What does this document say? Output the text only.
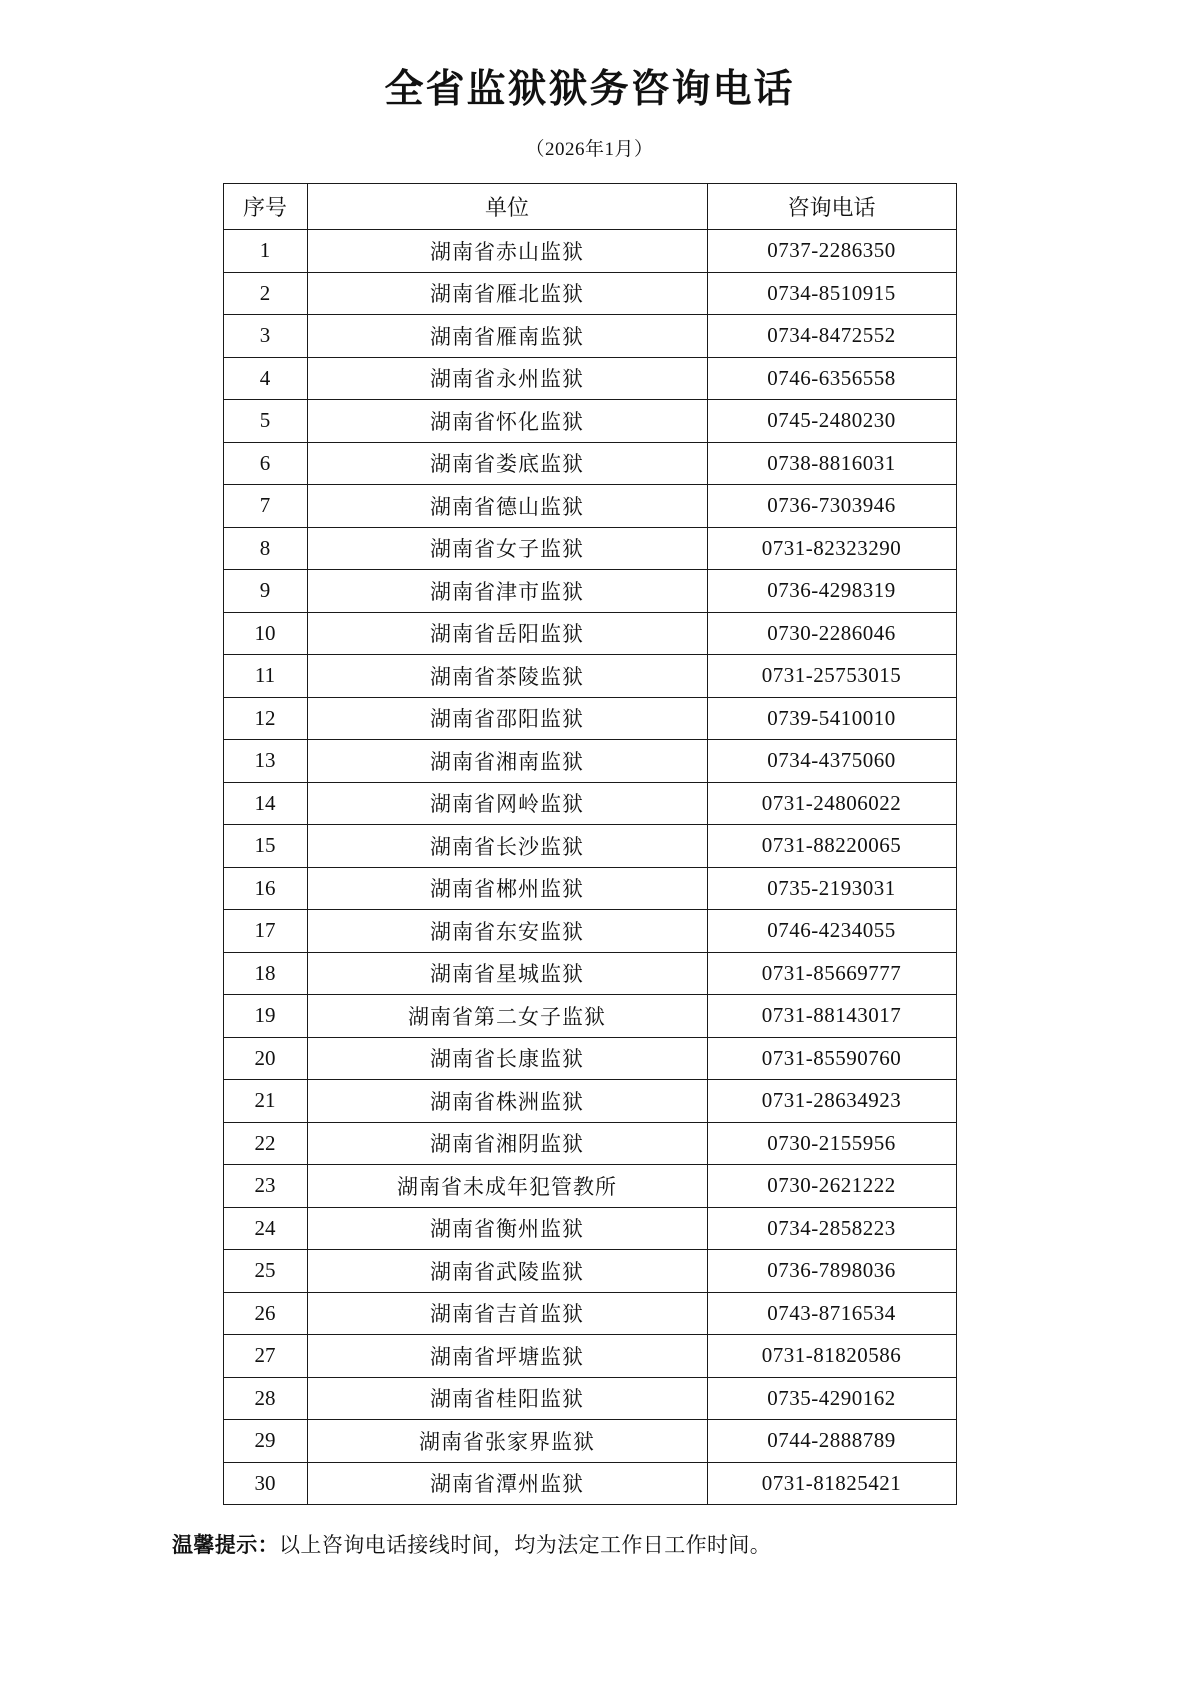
全省监狱狱务咨询电话

（2026年1月）

序号	单位	咨询电话
1	湖南省赤山监狱	0737-2286350
2	湖南省雁北监狱	0734-8510915
3	湖南省雁南监狱	0734-8472552
4	湖南省永州监狱	0746-6356558
5	湖南省怀化监狱	0745-2480230
6	湖南省娄底监狱	0738-8816031
7	湖南省德山监狱	0736-7303946
8	湖南省女子监狱	0731-82323290
9	湖南省津市监狱	0736-4298319
10	湖南省岳阳监狱	0730-2286046
11	湖南省茶陵监狱	0731-25753015
12	湖南省邵阳监狱	0739-5410010
13	湖南省湘南监狱	0734-4375060
14	湖南省网岭监狱	0731-24806022
15	湖南省长沙监狱	0731-88220065
16	湖南省郴州监狱	0735-2193031
17	湖南省东安监狱	0746-4234055
18	湖南省星城监狱	0731-85669777
19	湖南省第二女子监狱	0731-88143017
20	湖南省长康监狱	0731-85590760
21	湖南省株洲监狱	0731-28634923
22	湖南省湘阴监狱	0730-2155956
23	湖南省未成年犯管教所	0730-2621222
24	湖南省衡州监狱	0734-2858223
25	湖南省武陵监狱	0736-7898036
26	湖南省吉首监狱	0743-8716534
27	湖南省坪塘监狱	0731-81820586
28	湖南省桂阳监狱	0735-4290162
29	湖南省张家界监狱	0744-2888789
30	湖南省潭州监狱	0731-81825421

温馨提示：以上咨询电话接线时间，均为法定工作日工作时间。
